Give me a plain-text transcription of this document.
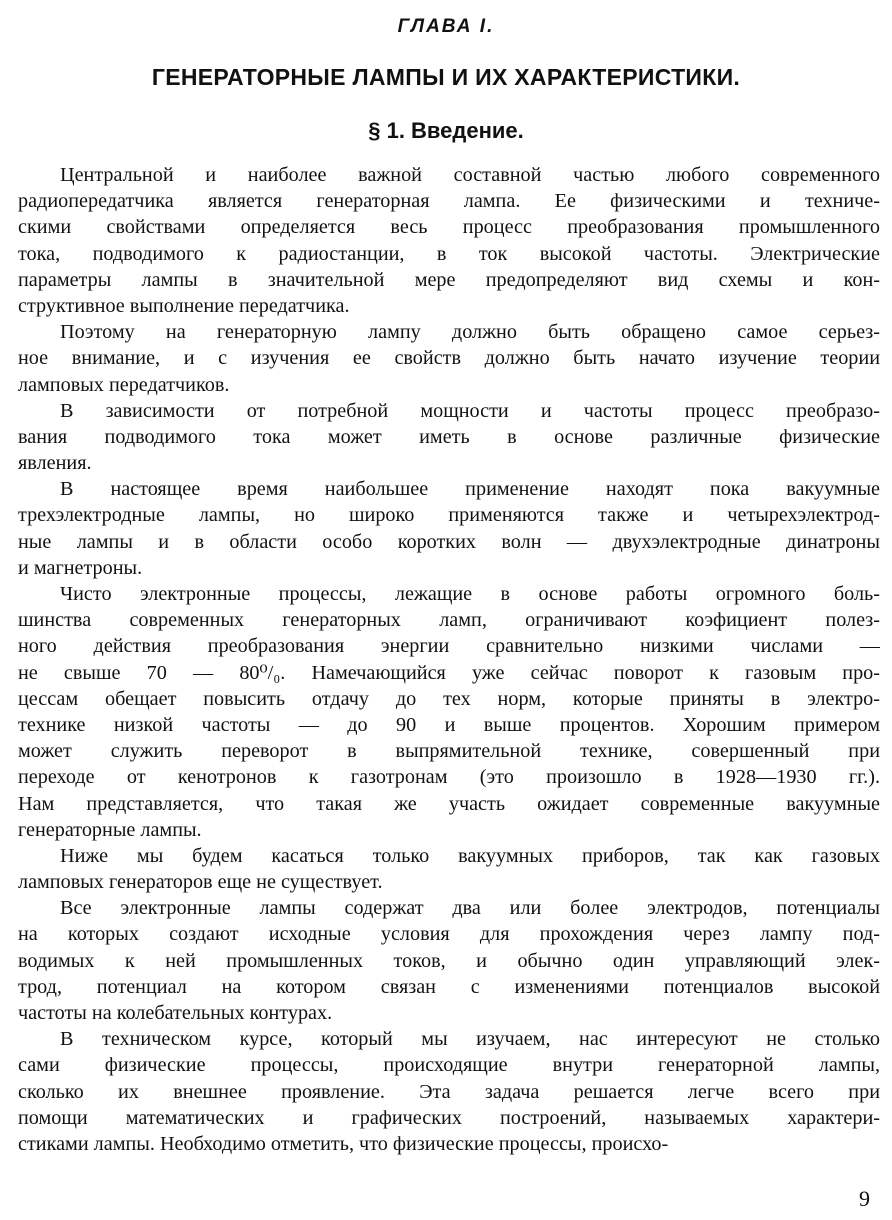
ГЛАВА I.
ГЕНЕРАТОРНЫЕ ЛАМПЫ И ИХ ХАРАКТЕРИСТИКИ.
§ 1. Введение.
Центральной и наиболее важной составной частью любого современного
радиопередатчика является генераторная лампа. Ее физическими и техниче-
скими свойствами определяется весь процесс преобразования промышленного
тока, подводимого к радиостанции, в ток высокой частоты. Электрические
параметры лампы в значительной мере предопределяют вид схемы и кон-
структивное выполнение передатчика.
Поэтому на генераторную лампу должно быть обращено самое серьез-
ное внимание, и с изучения ее свойств должно быть начато изучение теории
ламповых передатчиков.
В зависимости от потребной мощности и частоты процесс преобразо-
вания подводимого тока может иметь в основе различные физические
явления.
В настоящее время наибольшее применение находят пока вакуумные
трехэлектродные лампы, но широко применяются также и четырехэлектрод-
ные лампы и в области особо коротких волн — двухэлектродные динатроны
и магнетроны.
Чисто электронные процессы, лежащие в основе работы огромного боль-
шинства современных генераторных ламп, ограничивают коэфициент полез-
ного действия преобразования энергии сравнительно низкими числами —
не свыше 70 — 80⁰/₀. Намечающийся уже сейчас поворот к газовым про-
цессам обещает повысить отдачу до тех норм, которые приняты в электро-
технике низкой частоты — до 90 и выше процентов. Хорошим примером
может служить переворот в выпрямительной технике, совершенный при
переходе от кенотронов к газотронам (это произошло в 1928—1930 гг.).
Нам представляется, что такая же участь ожидает современные вакуумные
генераторные лампы.
Ниже мы будем касаться только вакуумных приборов, так как газовых
ламповых генераторов еще не существует.
Все электронные лампы содержат два или более электродов, потенциалы
на которых создают исходные условия для прохождения через лампу под-
водимых к ней промышленных токов, и обычно один управляющий элек-
трод, потенциал на котором связан с изменениями потенциалов высокой
частоты на колебательных контурах.
В техническом курсе, который мы изучаем, нас интересуют не столько
сами физические процессы, происходящие внутри генераторной лампы,
сколько их внешнее проявление. Эта задача решается легче всего при
помощи математических и графических построений, называемых характери-
стиками лампы. Необходимо отметить, что физические процессы, происхо-
9
